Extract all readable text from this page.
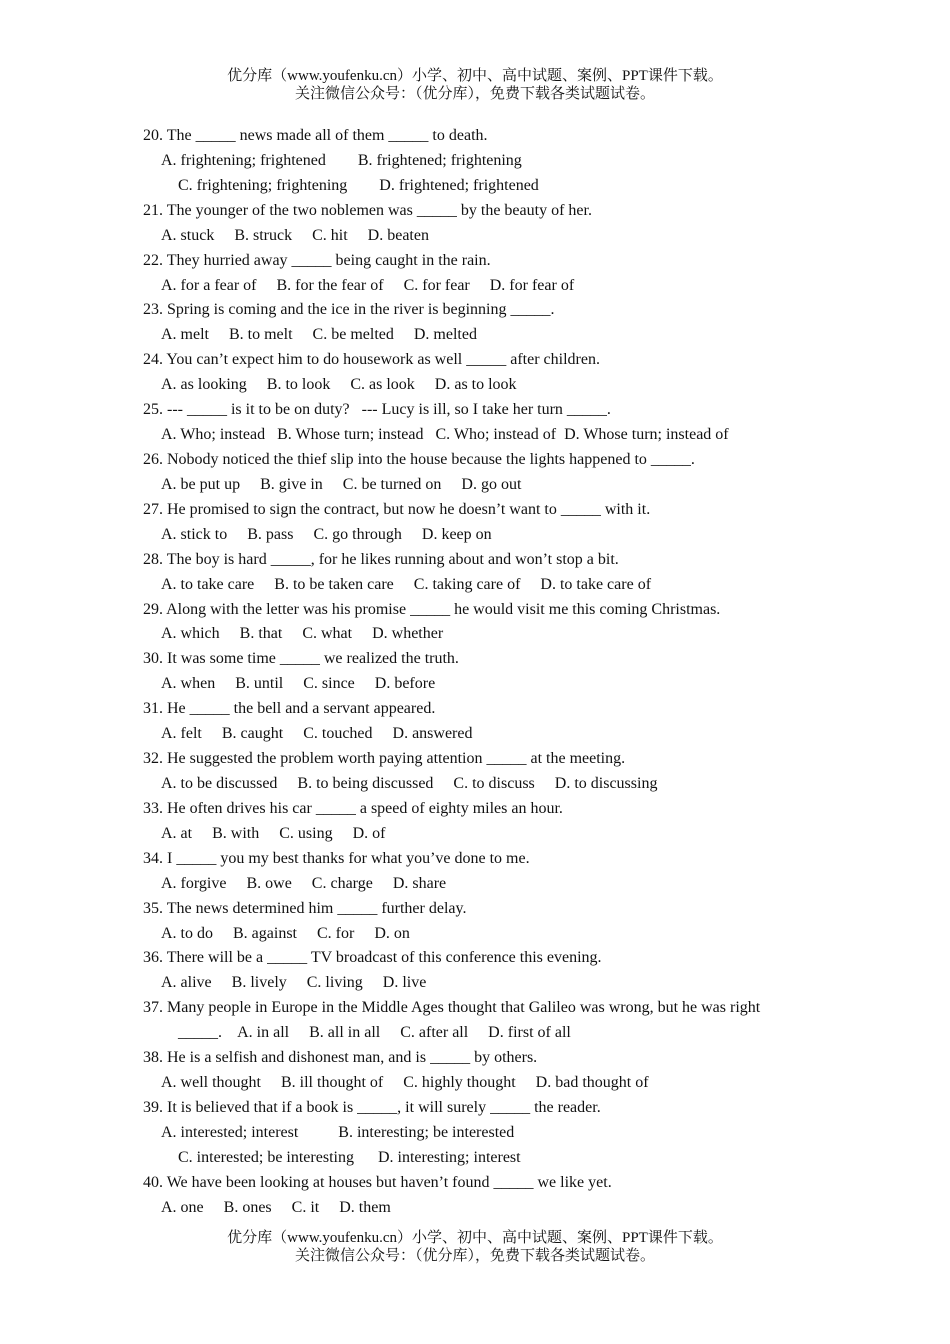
优分库（www.youfenku.cn）小学、初中、高中试题、案例、PPT课件下载。
关注微信公众号：（优分库），免费下载各类试题试卷。
20. The _____ news made all of them _____ to death.
A. frightening; frightened        B. frightened; frightening
C. frightening; frightening        D. frightened; frightened
21. The younger of the two noblemen was _____ by the beauty of her.
A. stuck     B. struck     C. hit     D. beaten
22. They hurried away _____ being caught in the rain.
A. for a fear of     B. for the fear of     C. for fear     D. for fear of
23. Spring is coming and the ice in the river is beginning _____.
A. melt     B. to melt     C. be melted     D. melted
24. You can’t expect him to do housework as well _____ after children.
A. as looking     B. to look     C. as look     D. as to look
25. --- _____ is it to be on duty?   --- Lucy is ill, so I take her turn _____.
A. Who; instead   B. Whose turn; instead   C. Who; instead of  D. Whose turn; instead of
26. Nobody noticed the thief slip into the house because the lights happened to _____.
A. be put up     B. give in     C. be turned on     D. go out
27. He promised to sign the contract, but now he doesn’t want to _____ with it.
A. stick to     B. pass     C. go through     D. keep on
28. The boy is hard _____, for he likes running about and won’t stop a bit.
A. to take care     B. to be taken care     C. taking care of     D. to take care of
29. Along with the letter was his promise _____ he would visit me this coming Christmas.
A. which     B. that     C. what     D. whether
30. It was some time _____ we realized the truth.
A. when     B. until     C. since     D. before
31. He _____ the bell and a servant appeared.
A. felt     B. caught     C. touched     D. answered
32. He suggested the problem worth paying attention _____ at the meeting.
A. to be discussed     B. to being discussed     C. to discuss     D. to discussing
33. He often drives his car _____ a speed of eighty miles an hour.
A. at     B. with     C. using     D. of
34. I _____ you my best thanks for what you’ve done to me.
A. forgive     B. owe     C. charge     D. share
35. The news determined him _____ further delay.
A. to do     B. against     C. for     D. on
36. There will be a _____ TV broadcast of this conference this evening.
A. alive     B. lively     C. living     D. live
37. Many people in Europe in the Middle Ages thought that Galileo was wrong, but he was right
_____.    A. in all     B. all in all     C. after all     D. first of all
38. He is a selfish and dishonest man, and is _____ by others.
A. well thought     B. ill thought of     C. highly thought     D. bad thought of
39. It is believed that if a book is _____, it will surely _____ the reader.
A. interested; interest          B. interesting; be interested
C. interested; be interesting      D. interesting; interest
40. We have been looking at houses but haven’t found _____ we like yet.
A. one     B. ones     C. it     D. them
优分库（www.youfenku.cn）小学、初中、高中试题、案例、PPT课件下载。
关注微信公众号：（优分库），免费下载各类试题试卷。
